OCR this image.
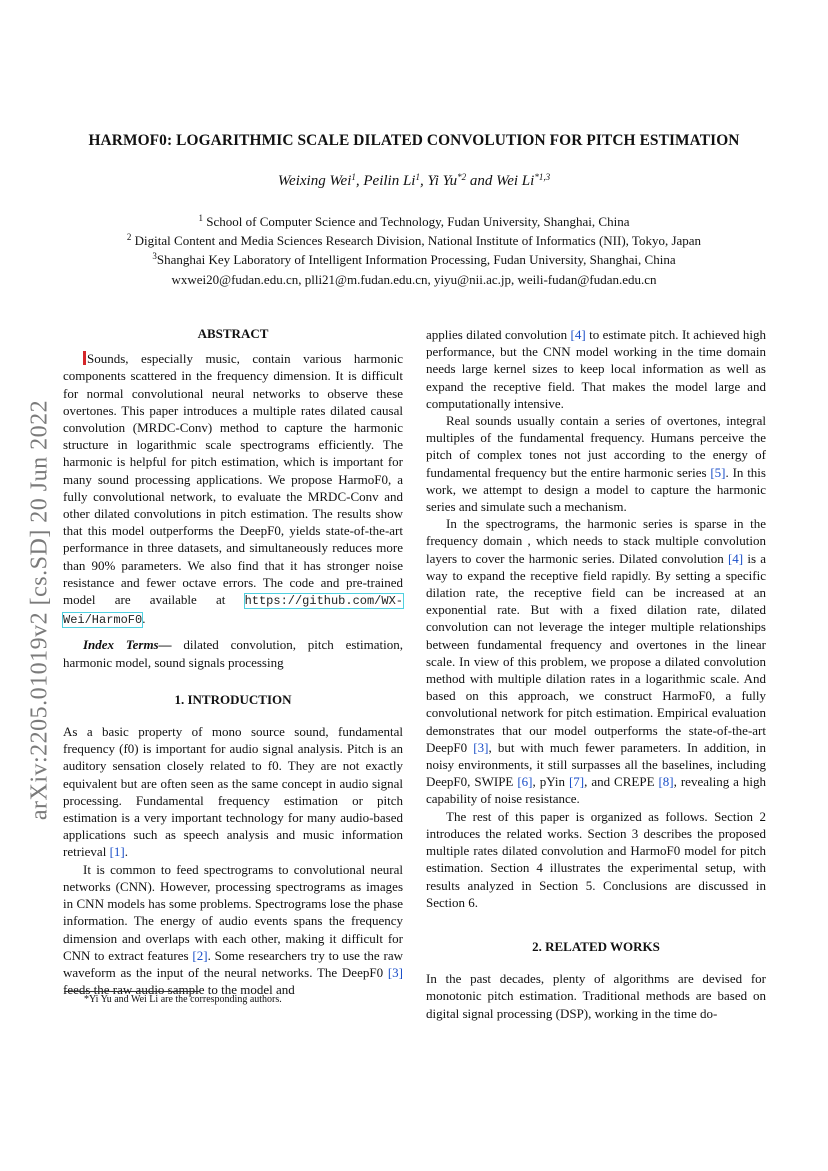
arXiv:2205.01019v2 [cs.SD] 20 Jun 2022
HARMOF0: LOGARITHMIC SCALE DILATED CONVOLUTION FOR PITCH ESTIMATION
Weixing Wei$^1$, Peilin Li$^1$, Yi Yu$^{*2}$ and Wei Li$^{*1,3}$
$^1$ School of Computer Science and Technology, Fudan University, Shanghai, China
$^2$ Digital Content and Media Sciences Research Division, National Institute of Informatics (NII), Tokyo, Japan
$^3$Shanghai Key Laboratory of Intelligent Information Processing, Fudan University, Shanghai, China
wxwei20@fudan.edu.cn, plli21@m.fudan.edu.cn, yiyu@nii.ac.jp, weili-fudan@fudan.edu.cn
ABSTRACT

Sounds, especially music, contain various harmonic components scattered in the frequency dimension. It is difficult for normal convolutional neural networks to observe these overtones. This paper introduces a multiple rates dilated causal convolution (MRDC-Conv) method to capture the harmonic structure in logarithmic scale spectrograms efficiently. The harmonic is helpful for pitch estimation, which is important for many sound processing applications. We propose HarmoF0, a fully convolutional network, to evaluate the MRDC-Conv and other dilated convolutions in pitch estimation. The results show that this model outperforms the DeepF0, yields state-of-the-art performance in three datasets, and simultaneously reduces more than 90% parameters. We also find that it has stronger noise resistance and fewer octave errors. The code and pre-trained model are available at https://github.com/WX-Wei/HarmoF0.

Index Terms— dilated convolution, pitch estimation, harmonic model, sound signals processing

1. INTRODUCTION

As a basic property of mono source sound, fundamental frequency (f0) is important for audio signal analysis. Pitch is an auditory sensation closely related to f0. They are not exactly equivalent but are often seen as the same concept in audio signal processing. Fundamental frequency estimation or pitch estimation is a very important technology for many audio-based applications such as speech analysis and music information retrieval [1].

It is common to feed spectrograms to convolutional neural networks (CNN). However, processing spectrograms as images in CNN models has some problems. Spectrograms lose the phase information. The energy of audio events spans the frequency dimension and overlaps with each other, making it difficult for CNN to extract features [2]. Some researchers try to use the raw waveform as the input of the neural networks. The DeepF0 [3] feeds the raw audio sample to the model and

applies dilated convolution [4] to estimate pitch. It achieved high performance, but the CNN model working in the time domain needs large kernel sizes to keep local information as well as expand the receptive field. That makes the model large and computationally intensive.

Real sounds usually contain a series of overtones, integral multiples of the fundamental frequency. Humans perceive the pitch of complex tones not just according to the energy of fundamental frequency but the entire harmonic series [5]. In this work, we attempt to design a model to capture the harmonic series and simulate such a mechanism.

In the spectrograms, the harmonic series is sparse in the frequency domain , which needs to stack multiple convolution layers to cover the harmonic series. Dilated convolution [4] is a way to expand the receptive field rapidly. By setting a specific dilation rate, the receptive field can be increased at an exponential rate. But with a fixed dilation rate, dilated convolution can not leverage the integer multiple relationships between fundamental frequency and overtones in the linear scale. In view of this problem, we propose a dilated convolution method with multiple dilation rates in a logarithmic scale. And based on this approach, we construct HarmoF0, a fully convolutional network for pitch estimation. Empirical evaluation demonstrates that our model outperforms the state-of-the-art DeepF0 [3], but with much fewer parameters. In addition, in noisy environments, it still surpasses all the baselines, including DeepF0, SWIPE [6], pYin [7], and CREPE [8], revealing a high capability of noise resistance.

The rest of this paper is organized as follows. Section 2 introduces the related works. Section 3 describes the proposed multiple rates dilated convolution and HarmoF0 model for pitch estimation. Section 4 illustrates the experimental setup, with results analyzed in Section 5. Conclusions are discussed in Section 6.

2. RELATED WORKS

In the past decades, plenty of algorithms are devised for monotonic pitch estimation. Traditional methods are based on digital signal processing (DSP), working in the time do-

*Yi Yu and Wei Li are the corresponding authors.
